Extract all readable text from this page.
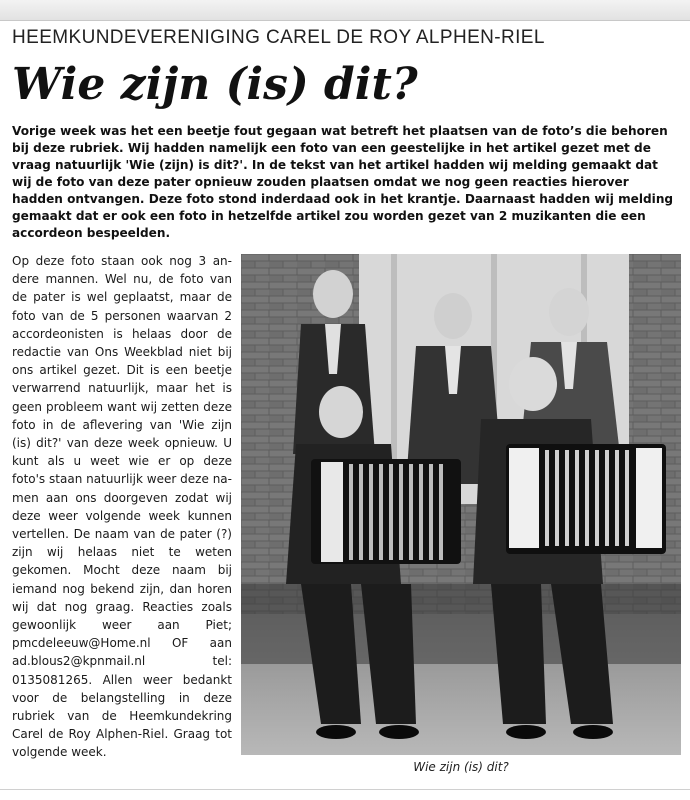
HEEMKUNDEVERENIGING CAREL DE ROY ALPHEN-RIEL
Wie zijn (is) dit?

Vorige week was het een beetje fout gegaan wat betreft het plaatsen van de foto’s die behoren bij deze rubriek. Wij hadden namelijk een foto van een geestelijke in het artikel gezet met de vraag natuurlijk 'Wie (zijn) is dit?'. In de tekst van het artikel hadden wij melding gemaakt dat wij de foto van deze pater opnieuw zouden plaatsen omdat we nog geen reacties hierover hadden ontvangen. Deze foto stond inderdaad ook in het krantje. Daarnaast hadden wij melding gemaakt dat er ook een foto in hetzelfde artikel zou worden gezet van 2 muzikanten die een accordeon bespeelden.

Op deze foto staan ook nog 3 andere mannen. Wel nu, de foto van de pater is wel geplaatst, maar de foto van de 5 personen waarvan 2 accordeonisten is helaas door de redactie van Ons Weekblad niet bij ons artikel gezet. Dit is een beetje verwarrend natuurlijk, maar het is geen probleem want wij zetten deze foto in de aflevering van 'Wie zijn (is) dit?' van deze week opnieuw. U kunt als u weet wie er op deze foto's staan natuurlijk weer deze namen aan ons doorgeven zodat wij deze weer volgende week kunnen vertellen. De naam van de pater (?) zijn wij helaas niet te weten gekomen. Mocht deze naam bij iemand nog bekend zijn, dan horen wij dat nog graag. Reacties zoals gewoonlijk weer aan Piet; pmcdeleeuw@Home.nl OF aan ad.blous2@kpnmail.nl tel: 0135081265. Allen weer bedankt voor de belangstelling in deze rubriek van de Heemkundekring Carel de Roy Alphen-Riel. Graag tot volgende week.

Wie zijn (is) dit?
